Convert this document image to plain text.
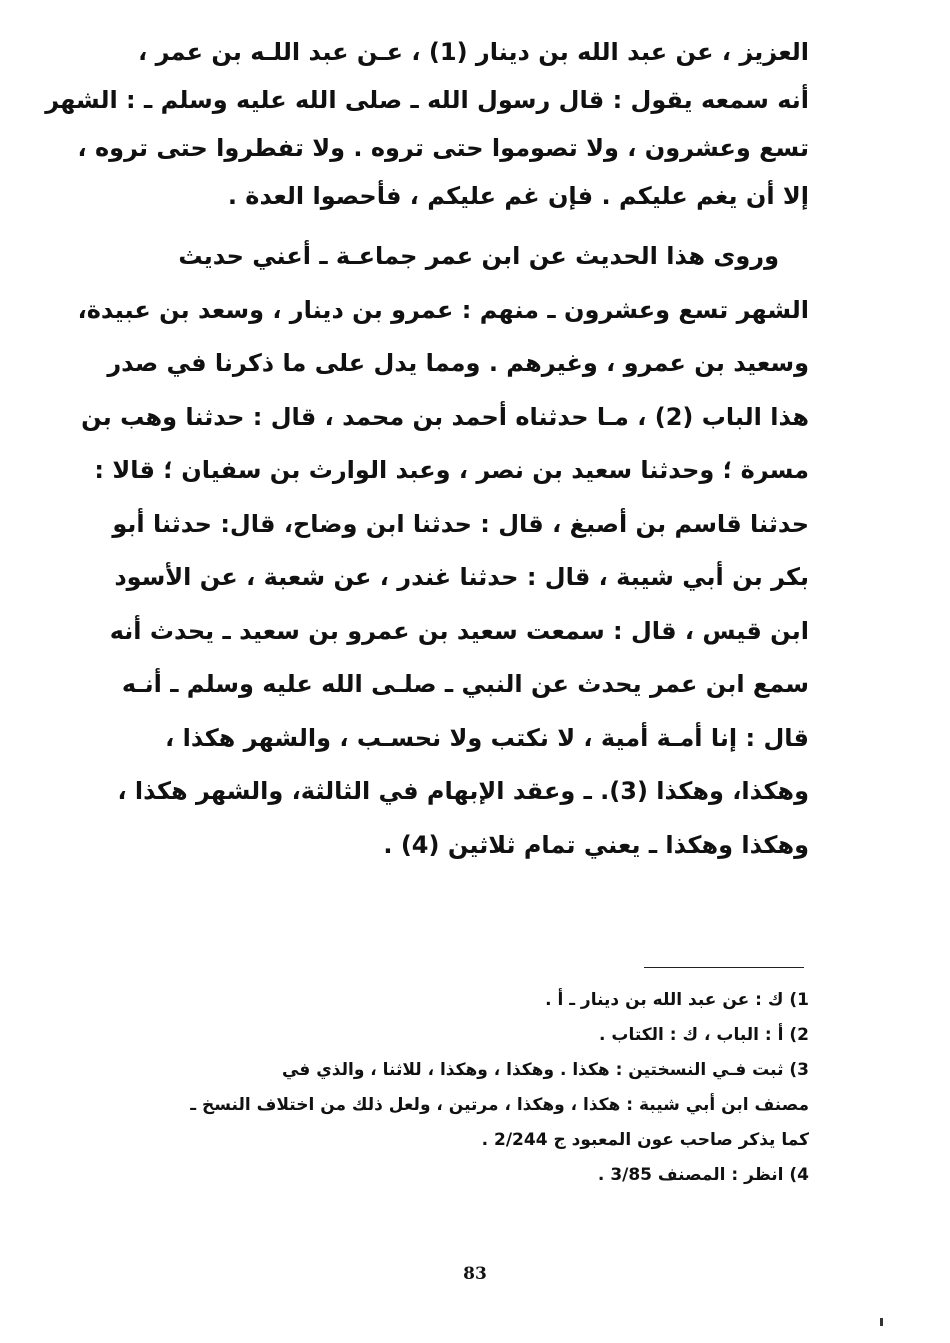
العزيز ، عن عبد الله بن دينار (1) ، عـن عبد اللـه بن عمر ،
أنه سمعه يقول : قال رسول الله ـ صلى الله عليه وسلم ـ : الشهر
تسع وعشرون ، ولا تصوموا حتى تروه . ولا تفطروا حتى تروه ،
إلا أن يغم عليكم . فإن غم عليكم ، فأحصوا العدة .
وروى هذا الحديث عن ابن عمر جماعـة ـ أعني حديث
الشهر تسع وعشرون ـ منهم : عمرو بن دينار ، وسعد بن عبيدة،
وسعيد بن عمرو ، وغيرهم . ومما يدل على ما ذكرنا في صدر
هذا الباب (2) ، مـا حدثناه أحمد بن محمد ، قال : حدثنا وهب بن
مسرة ؛ وحدثنا سعيد بن نصر ، وعبد الوارث بن سفيان ؛ قالا :
حدثنا قاسم بن أصبغ ، قال : حدثنا ابن وضاح، قال: حدثنا أبو
بكر بن أبي شيبة ، قال : حدثنا غندر ، عن شعبة ، عن الأسود
ابن قيس ، قال : سمعت سعيد بن عمرو بن سعيد ـ يحدث أنه
سمع ابن عمر يحدث عن النبي ـ صلـى الله عليه وسلم ـ أنـه
قال : إنا أمـة أمية ، لا نكتب ولا نحسـب ، والشهر هكذا ،
وهكذا، وهكذا (3). ـ وعقد الإبهام في الثالثة، والشهر هكذا ،
وهكذا وهكذا ـ يعني تمام ثلاثين (4) .
1) ك : عن عبد الله بن دينار ـ أ .
2) أ : الباب ، ك : الكتاب .
3) ثبت فـي النسختين : هكذا . وهكذا ، وهكذا ، للاثنا ، والذي في
مصنف ابن أبي شيبة : هكذا ، وهكذا ، مرتين ، ولعل ذلك من اختلاف النسخ ـ
كما يذكر صاحب عون المعبود ج 2/244 .
4) انظر : المصنف 3/85 .
83
